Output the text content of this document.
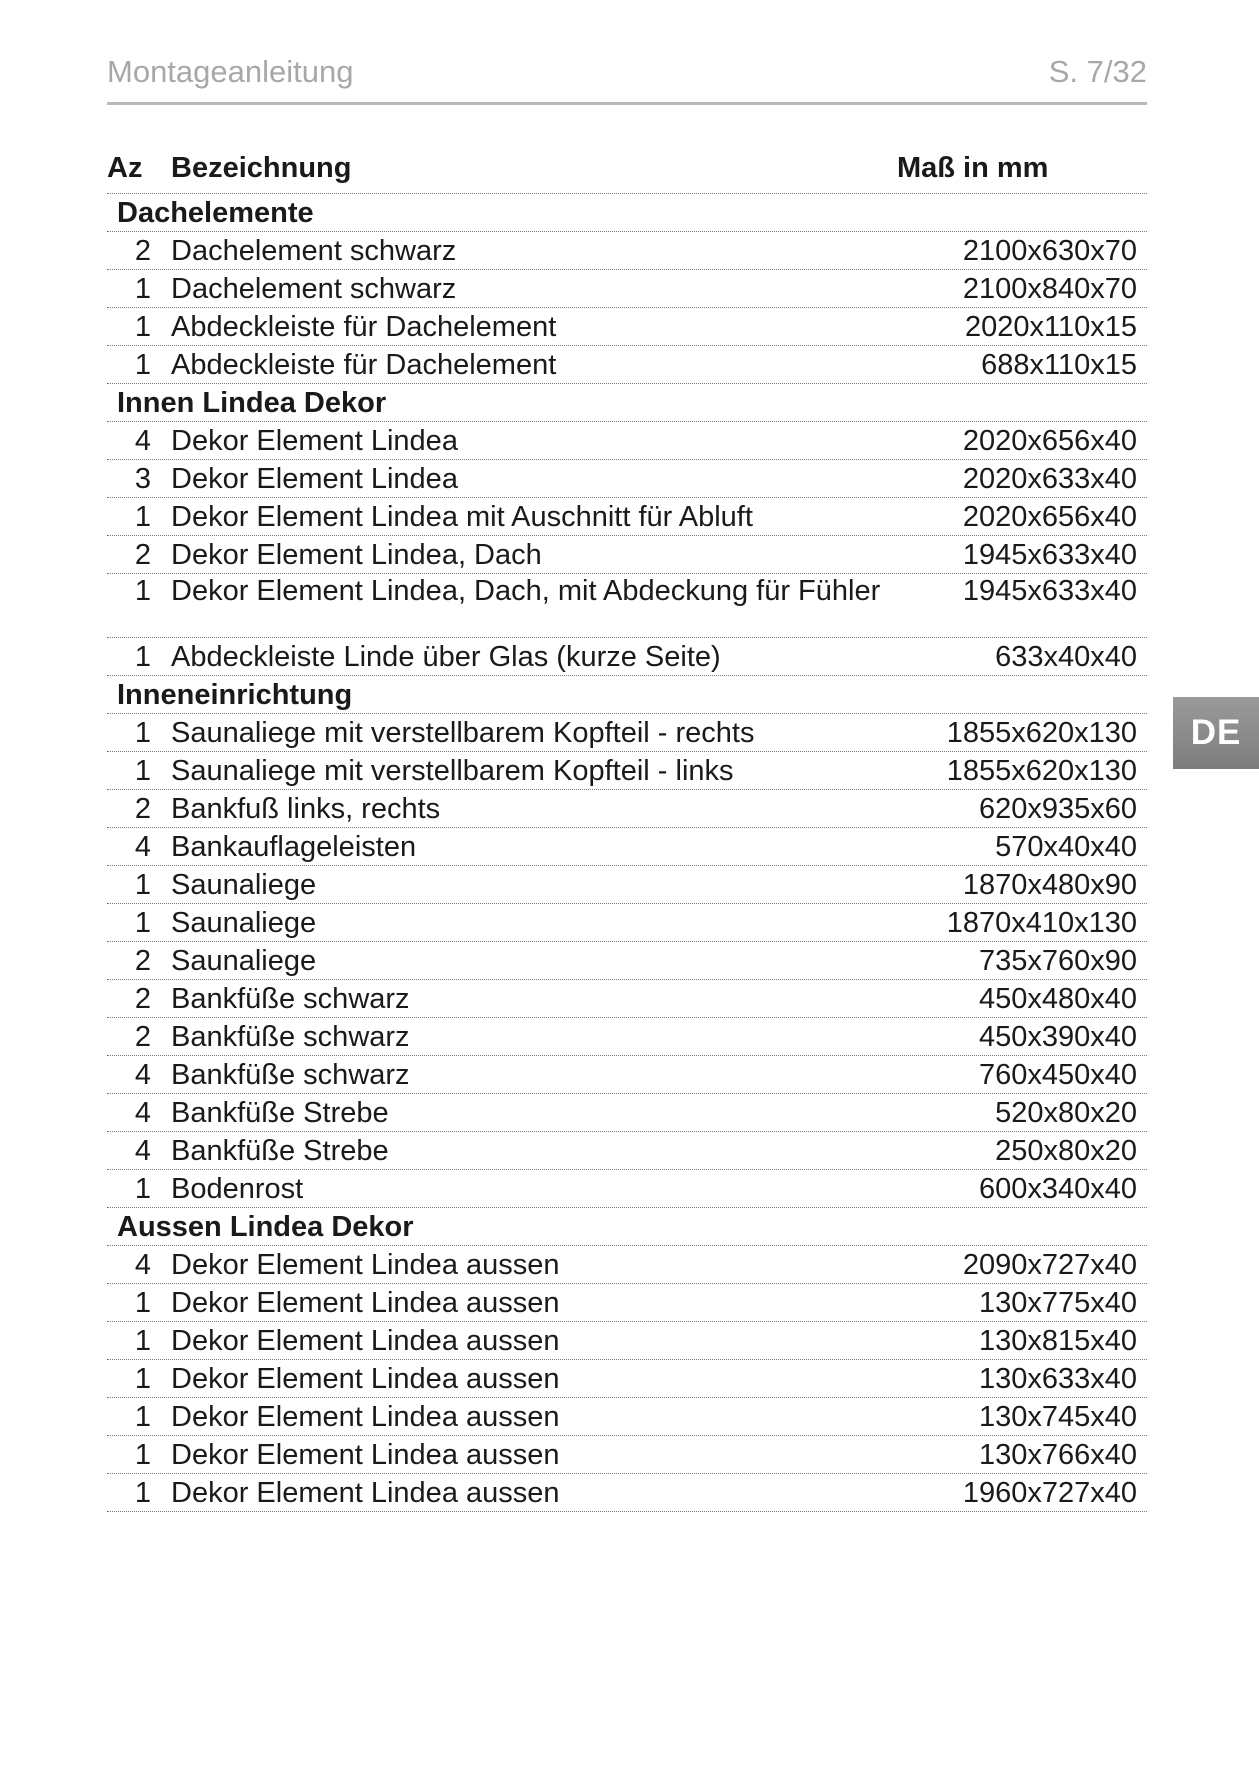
Montageanleitung	S. 7/32
DE
Az Bezeichnung	Maß in mm
Dachelemente
2 Dachelement schwarz	2100x630x70
1 Dachelement schwarz	2100x840x70
1 Abdeckleiste für Dachelement	2020x110x15
1 Abdeckleiste für Dachelement	688x110x15
Innen Lindea Dekor
4 Dekor Element Lindea	2020x656x40
3 Dekor Element Lindea	2020x633x40
1 Dekor Element Lindea mit Auschnitt für Abluft	2020x656x40
2 Dekor Element Lindea, Dach	1945x633x40
1 Dekor Element Lindea, Dach, mit Abdeckung für Fühler	1945x633x40
1 Abdeckleiste Linde über Glas (kurze Seite)	633x40x40
Inneneinrichtung
1 Saunaliege mit verstellbarem Kopfteil - rechts	1855x620x130
1 Saunaliege mit verstellbarem Kopfteil - links	1855x620x130
2 Bankfuß links, rechts	620x935x60
4 Bankauflageleisten	570x40x40
1 Saunaliege	1870x480x90
1 Saunaliege	1870x410x130
2 Saunaliege	735x760x90
2 Bankfüße schwarz	450x480x40
2 Bankfüße schwarz	450x390x40
4 Bankfüße schwarz	760x450x40
4 Bankfüße Strebe	520x80x20
4 Bankfüße Strebe	250x80x20
1 Bodenrost	600x340x40
Aussen Lindea Dekor
4 Dekor Element Lindea aussen	2090x727x40
1 Dekor Element Lindea aussen	130x775x40
1 Dekor Element Lindea aussen	130x815x40
1 Dekor Element Lindea aussen	130x633x40
1 Dekor Element Lindea aussen	130x745x40
1 Dekor Element Lindea aussen	130x766x40
1 Dekor Element Lindea aussen	1960x727x40
